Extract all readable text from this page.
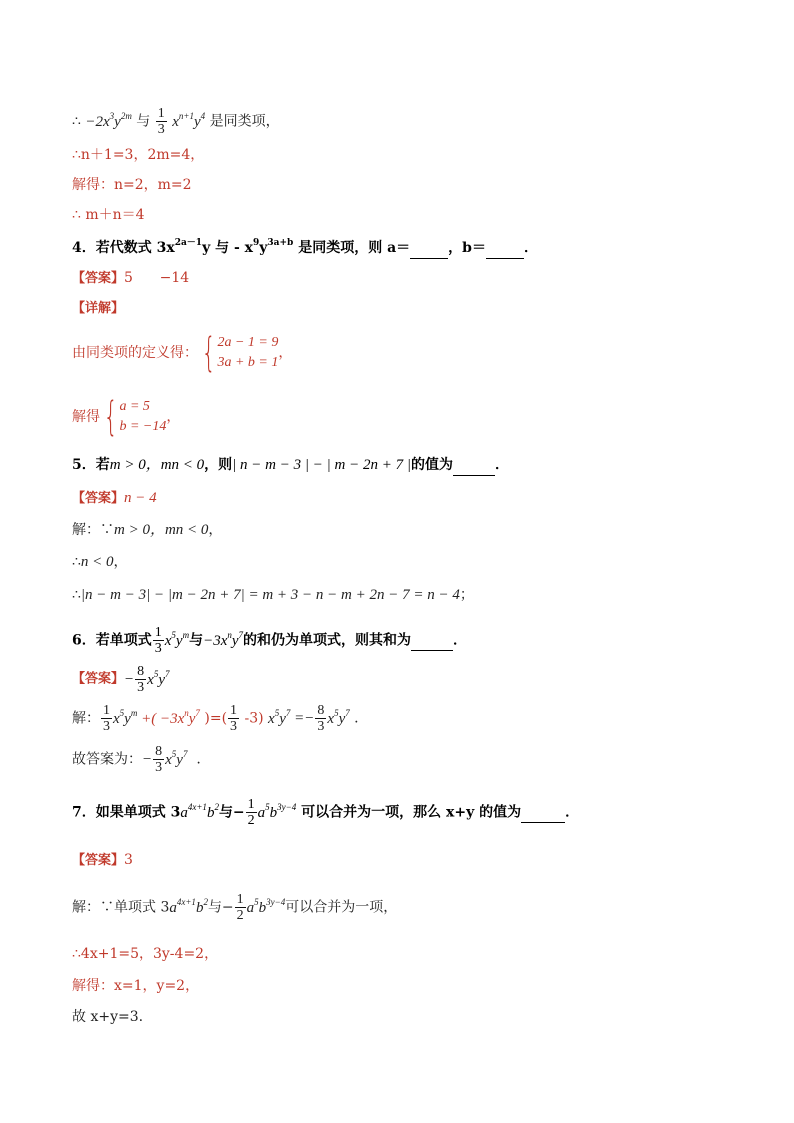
∴ $-2x^3y^{2m}$ 与 $\frac{1}{3} x^{n+1}y^4$ 是同类项，
∴n＋1=3，2m=4，
解得：n=2，m=2
∴ m＋n＝4
4．若代数式 $3x^{2a-1}y$ 与 - $x^9y^{3a+b}$ 是同类项，则 a＝	，b＝	．
【答案】5      −14
【详解】
由同类项的定义得：{ 2a − 1 = 9
3a + b = 1
，
解得{ a = 5
b = −14
，
5．若m > 0，mn < 0，则| n − m − 3 | − | m − 2n + 7 |的值为	．
【答案】n − 4
解：∵m > 0，mn < 0，
∴n < 0，
∴|n − m − 3| − |m − 2n + 7| = m + 3 − n − m + 2n − 7 = n − 4；
6．若单项式 $\frac{1}{3} x^5y^m$与$-3x^ny^7$的和仍为单项式，则其和为	．
【答案】− $\frac{8}{3} x^5y^7$
解： $\frac{1}{3} x^5y^m$ +( $-3x^ny^7$ )=( $\frac{1}{3} -3$) $x^5y^7 =- \frac{8}{3} x^5y^7$ .
故答案为：− $\frac{8}{3} x^5y^7$  .
7．如果单项式 $3a^{4x+1}b^2$与− $\frac{1}{2} a^5b^{3y-4}$ 可以合并为一项，那么 x+y 的值为	．
【答案】3
解：∵单项式 $3a^{4x+1}b^2$与− $\frac{1}{2} a^5b^{3y-4}$可以合并为一项，
∴4x+1=5，3y-4=2，
解得：x=1，y=2，
故 x+y=3.
